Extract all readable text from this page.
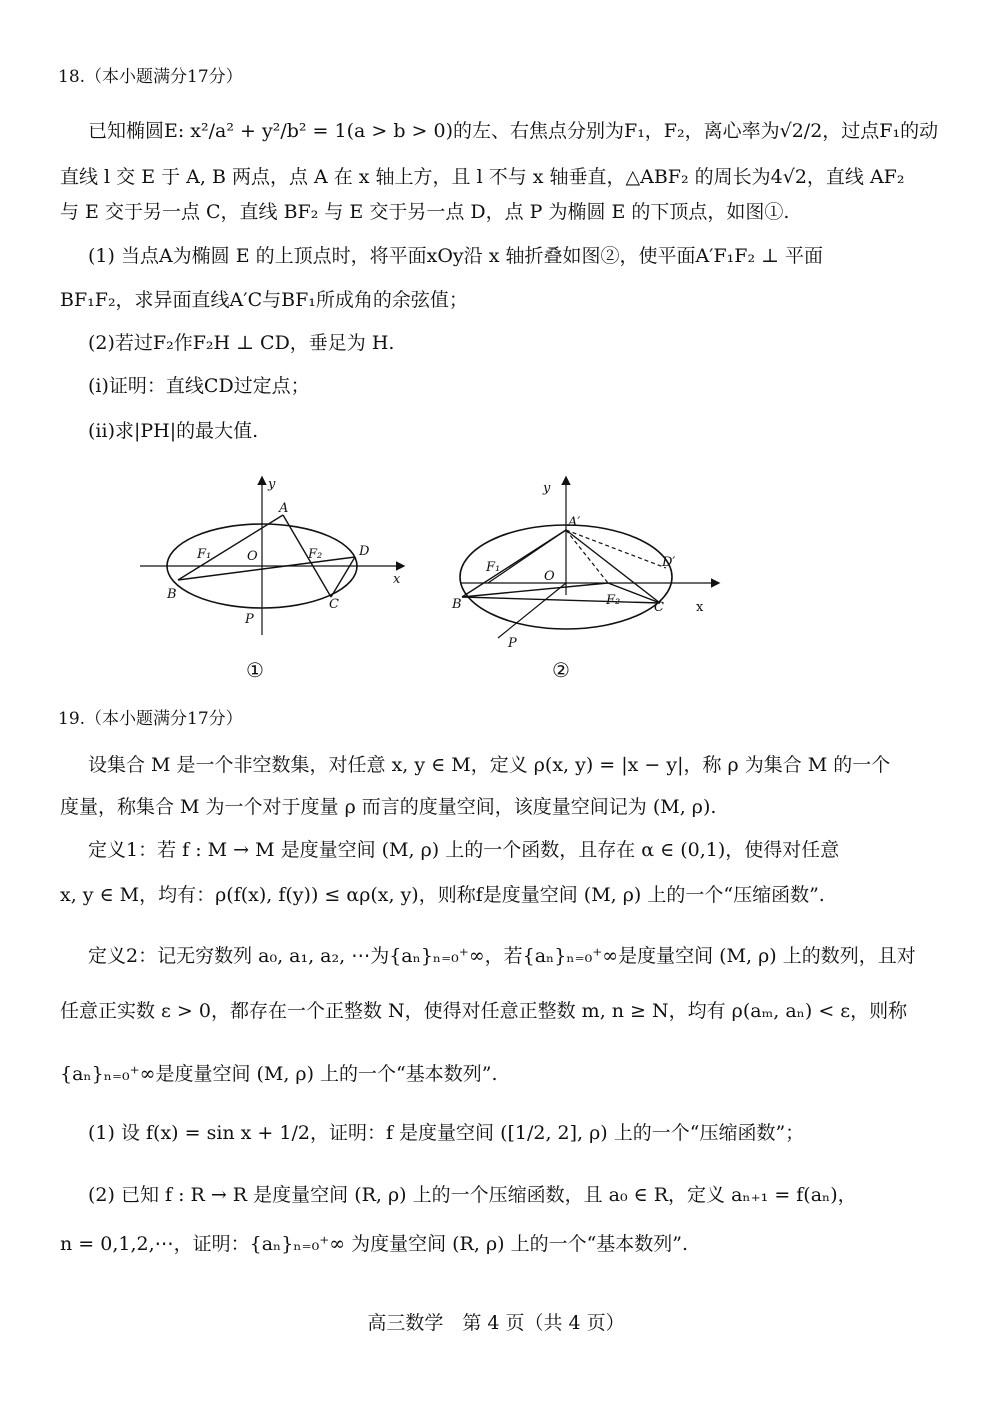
18.（本小题满分17分）
已知椭圆E: x²/a² + y²/b² = 1(a > b > 0)的左、右焦点分别为F₁，F₂，离心率为√2/2，过点F₁的动
直线 l 交 E 于 A, B 两点，点 A 在 x 轴上方，且 l 不与 x 轴垂直，△ABF₂ 的周长为4√2，直线 AF₂
与 E 交于另一点 C，直线 BF₂ 与 E 交于另一点 D，点 P 为椭圆 E 的下顶点，如图①.
(1) 当点A为椭圆 E 的上顶点时，将平面xOy沿 x 轴折叠如图②，使平面A′F₁F₂ ⊥ 平面
BF₁F₂，求异面直线A′C与BF₁所成角的余弦值；
(2)若过F₂作F₂H ⊥ CD，垂足为 H.
(i)证明：直线CD过定点；
(ii)求|PH|的最大值.
y
x
A
F₁	O	F₂	D
B
C
P
①
y
x
A′
F₁
O
F₂
D′
B	C
P
②
19.（本小题满分17分）
设集合 M 是一个非空数集，对任意 x, y ∈ M，定义 ρ(x, y) = |x − y|，称 ρ 为集合 M 的一个
度量，称集合 M 为一个对于度量 ρ 而言的度量空间，该度量空间记为 (M, ρ).
定义1：若 f : M → M 是度量空间 (M, ρ) 上的一个函数，且存在 α ∈ (0,1)，使得对任意
x, y ∈ M，均有：ρ(f(x), f(y)) ≤ αρ(x, y)，则称f是度量空间 (M, ρ) 上的一个“压缩函数”.
定义2：记无穷数列 a₀, a₁, a₂, ⋯为{aₙ}ₙ₌₀⁺∞，若{aₙ}ₙ₌₀⁺∞是度量空间 (M, ρ) 上的数列，且对
任意正实数 ε > 0，都存在一个正整数 N，使得对任意正整数 m, n ≥ N，均有 ρ(aₘ, aₙ) < ε，则称
{aₙ}ₙ₌₀⁺∞是度量空间 (M, ρ) 上的一个“基本数列”.
(1) 设 f(x) = sin x + 1/2，证明：f 是度量空间 ([1/2, 2], ρ) 上的一个“压缩函数”；
(2) 已知 f : R → R 是度量空间 (R, ρ) 上的一个压缩函数，且 a₀ ∈ R，定义 aₙ₊₁ = f(aₙ)，
n = 0,1,2,⋯，证明：{aₙ}ₙ₌₀⁺∞ 为度量空间 (R, ρ) 上的一个“基本数列”.
高三数学　第 4 页（共 4 页）
